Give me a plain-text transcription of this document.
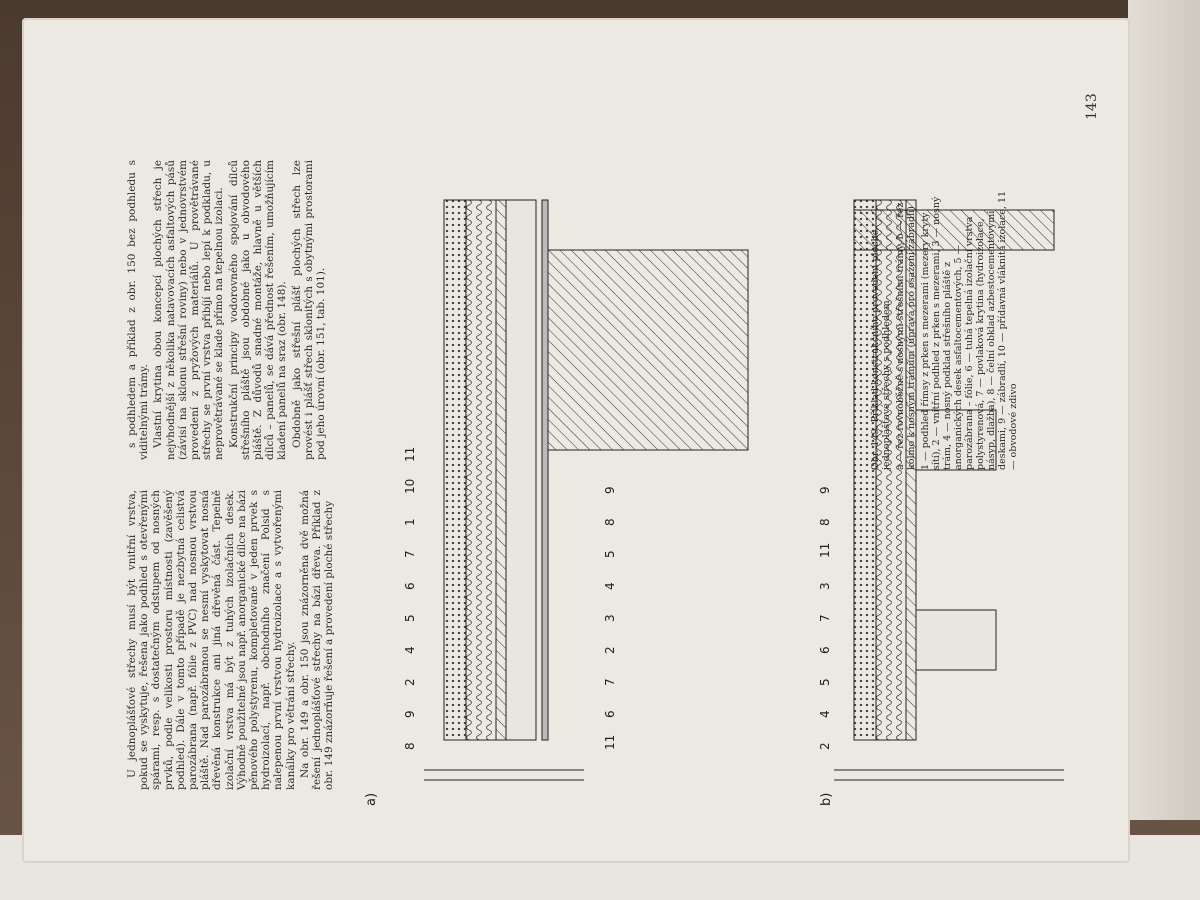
U jednoplášťové střechy musí být vnitřní vrstva, pokud se vyskytuje, řešena jako podhled s otevřenými spárami, resp. s dostatečným odstupem od nosných prvků, podle velikosti prostoru místnosti (zavěšený podhled). Dále v tomto případě je nezbytná celistvá parozábrana (např. fólie z PVC) nad nosnou vrstvou pláště. Nad parozábranou se nesmí vyskytovat nosná dřevěná konstrukce ani jiná dřevěná část. Tepelně izolační vrstva má být z tuhých izolačních desek. Výhodně použitelné jsou např. anorganické dílce na bázi pěnového polystyrenu, kompletované v jeden prvek s hydroizolací, např. obchodního značení Polsid s nalepenou první vrstvou hydroizolace a s vytvořenými kanálky pro větrání střechy. Na obr. 149 a obr. 150 jsou znázorněna dvě možná řešení jednoplášťové střechy na bázi dřeva. Příklad z obr. 149 znázorňuje řešení a provedení ploché střechy

s podhledem a příklad z obr. 150 bez podhledu s viditelnými trámy. Vlastní krytina obou koncepcí plochých střech je nejvhodnější z několika natavovacích asfaltových pásů (závisí na sklonu střešní roviny) nebo v jednovrstvém provedení z pryžových materiálů. U provětrávané střechy se první vrstva přibíjí nebo lepí k podkladu, u neprovětrávané se klade přímo na tepelnou izolaci. Konstrukční principy vodorovného spojování dílců střešního pláště jsou obdobné jako u obvodového pláště. Z důvodů snadné montáže, hlavně u větších dílců – panelů, se dává přednost řešením, umožňujícím kladení panelů na sraz (obr. 148). Obdobně jako střešní plášť plochých střech lze provést i plášť střech sklonitých s obytnými prostorami pod jeho úrovní (obr. 151, tab. 101).

a)	b)
8
9
2
4
5
6
7
1
10
11
11
6
7
2
3
4
5
8
9
2
4
5
6
7
3
11
8
9
143

Obr. 149. Příklad konstrukčního provedení ploché jednoplášťové střechy s podhledem a — řez rovnoběžně s nosnými střešními trámy, b — řez kolmo k nosným trámům (úprava pro osazení zábradlí) 1 — podhled římsy z prken s mezerami (mezery kryty sítí), 2 — vnitřní podhled z prken s mezerami, 3 — nosný trám, 4 — nosný podklad střešního pláště z anorganických desek asfaltocementových, 5 — parozábrana – fólie, 6 — tuhá tepelná izolační vrstva polystyrenová, 7 — povlaková krytina (hydroizolace, násyp, dlažba), 8 — čelní obklad azbestocementovými deskami, 9 — zábradlí, 10 — přídavná vláknitá izolace, 11 — obvodové zdivo
